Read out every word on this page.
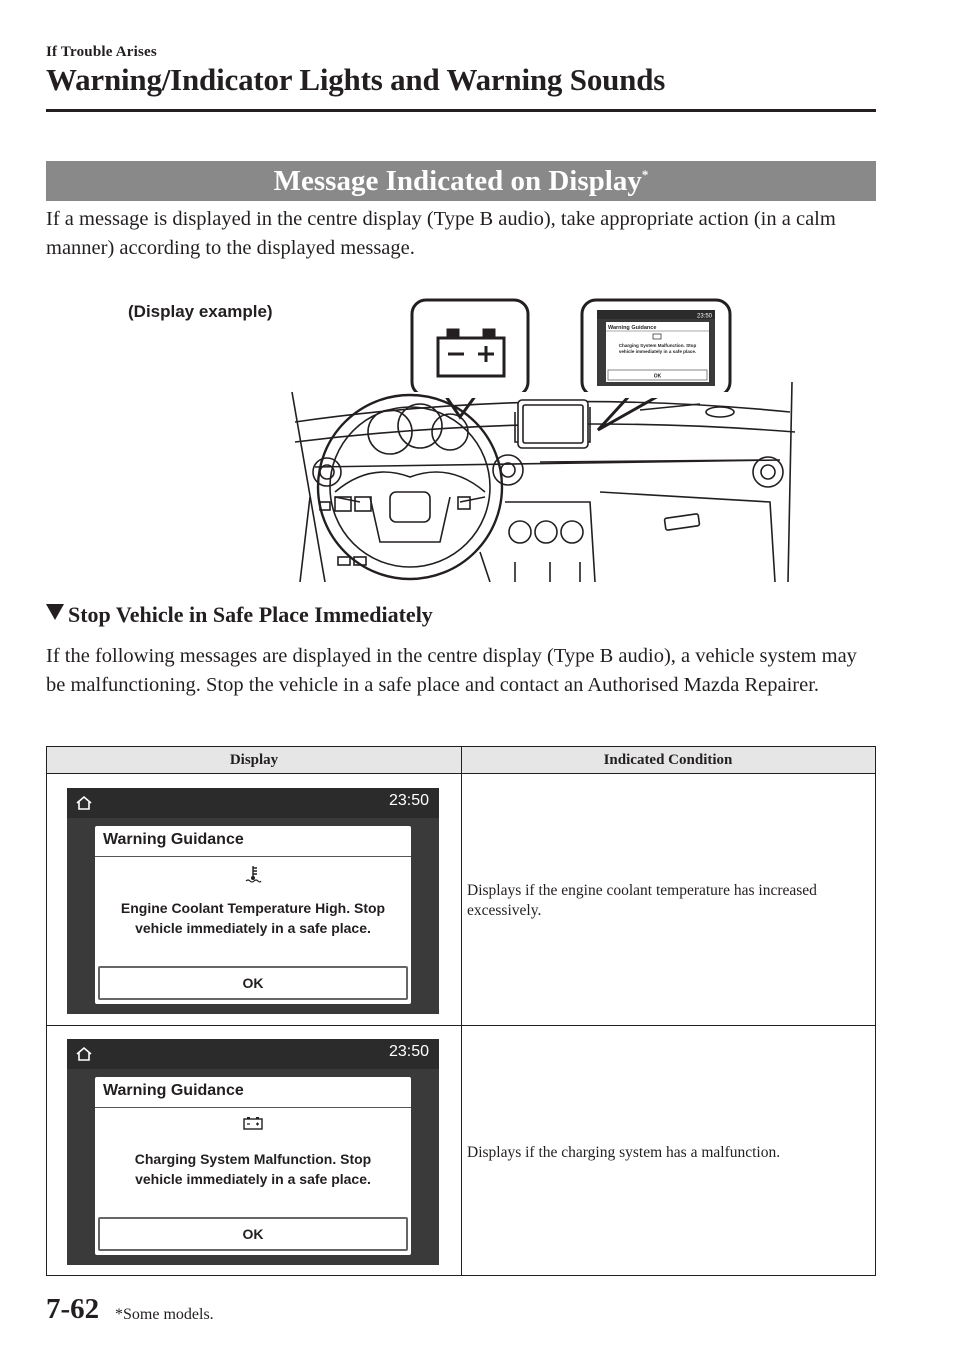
If Trouble Arises
Warning/Indicator Lights and Warning Sounds
Message Indicated on Display*
If a message is displayed in the centre display (Type B audio), take appropriate action (in a calm manner) according to the displayed message.
(Display example)	23:50
Warning Guidance
Charging System Malfunction. Stop
vehicle immediately in a safe place.
OK
Stop Vehicle in Safe Place Immediately
If the following messages are displayed in the centre display (Type B audio), a vehicle system may be malfunctioning. Stop the vehicle in a safe place and contact an Authorised Mazda Repairer.
Display	Indicated Condition
23:50
Warning Guidance
Engine Coolant Temperature High. Stop
vehicle immediately in a safe place.
OK
Displays if the engine coolant temperature has increased excessively.
23:50
Warning Guidance
Charging System Malfunction. Stop
vehicle immediately in a safe place.
OK
Displays if the charging system has a malfunction.
7-62 *Some models.
